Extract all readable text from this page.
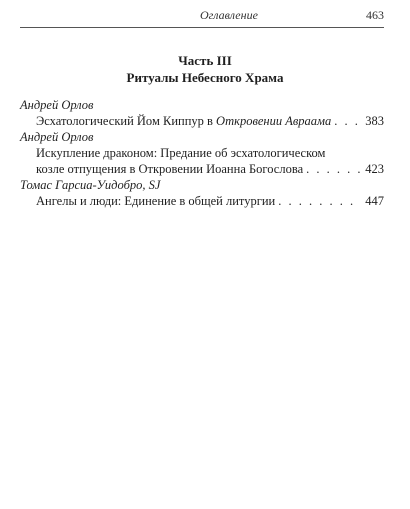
Оглавление	463
Часть III
Ритуалы Небесного Храма
Андрей Орлов
Эсхатологический Йом Киппур в Откровении Авраама . . .	383
Андрей Орлов
Искупление драконом: Предание об эсхатологическом
козле отпущения в Откровении Иоанна Богослова . . .	423
Томас Гарсиа-Уидобро, SJ
Ангелы и люди: Единение в общей литургии . . .	447
